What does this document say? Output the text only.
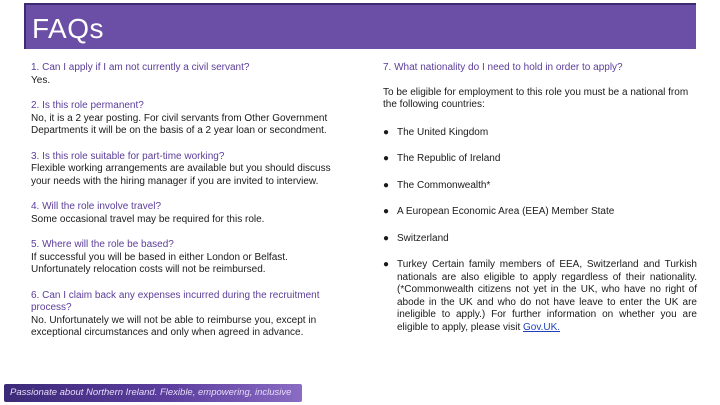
FAQs
1. Can I apply if I am not currently a civil servant?
Yes.
2. Is this role permanent?
No, it is a 2 year posting. For civil servants from Other Government Departments it will be on the basis of a 2 year loan or secondment.
3. Is this role suitable for part-time working?
Flexible working arrangements are available but you should discuss your needs with the hiring manager if you are invited to interview.
4. Will the role involve travel?
Some occasional travel may be required for this role.
5. Where will the role be based?
If successful you will be based in either London or Belfast. Unfortunately relocation costs will not be reimbursed.
6. Can I claim back any expenses incurred during the recruitment process?
No. Unfortunately we will not be able to reimburse you, except in exceptional circumstances and only when agreed in advance.
7. What nationality do I need to hold in order to apply?
To be eligible for employment to this role you must be a national from the following countries:
● The United Kingdom
● The Republic of Ireland
● The Commonwealth*
● A European Economic Area (EEA) Member State
● Switzerland
● Turkey Certain family members of EEA, Switzerland and Turkish nationals are also eligible to apply regardless of their nationality. (*Commonwealth citizens not yet in the UK, who have no right of abode in the UK and who do not have leave to enter the UK are ineligible to apply.) For further information on whether you are eligible to apply, please visit Gov.UK.
Passionate about Northern Ireland. Flexible, empowering, inclusive
